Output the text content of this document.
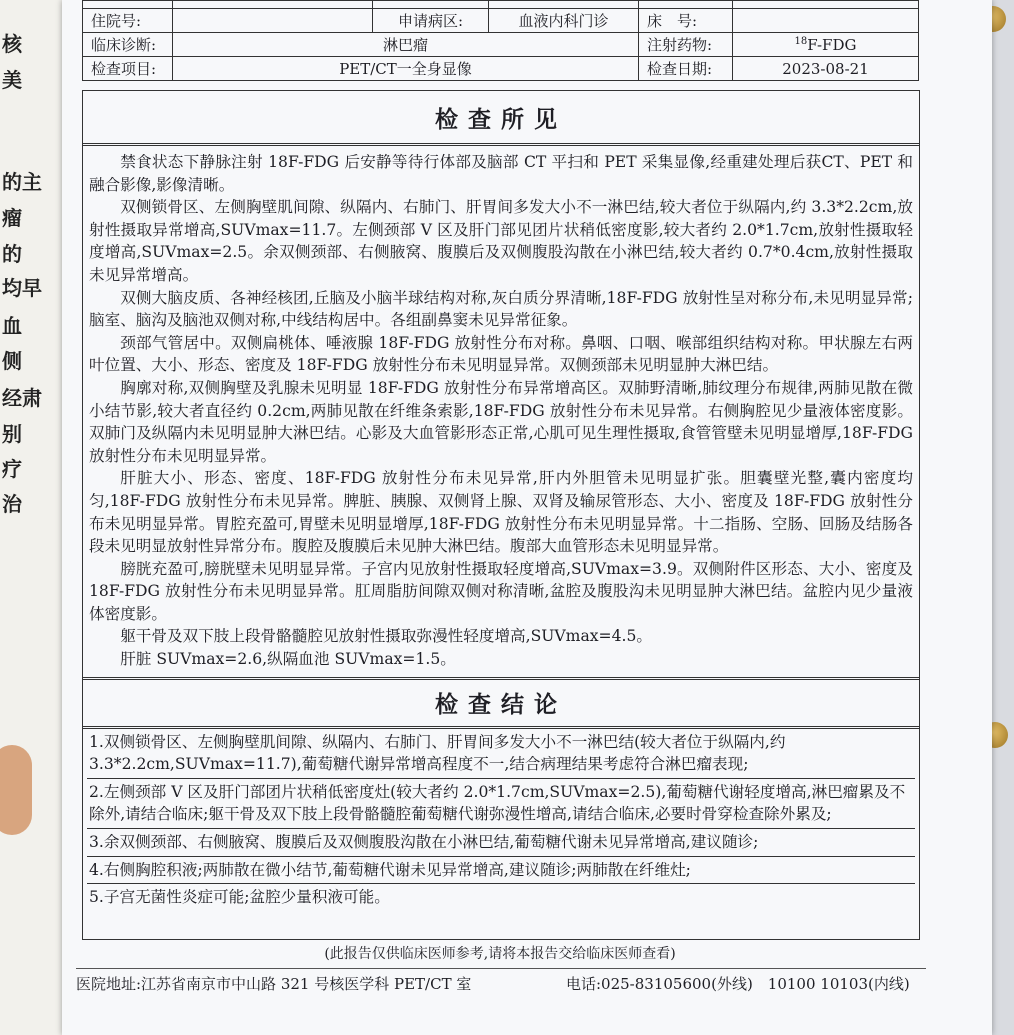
核
美
的主
瘤
的
均早
血
侧
经肃
别
疗
治

住院号:		申请病区:	血液内科门诊	床　号:	
临床诊断:	淋巴瘤			注射药物:	$^{18}$F-FDG
检查项目:	PET/CT一全身显像			检查日期:	2023-08-21
检查所见

禁食状态下静脉注射 18F-FDG 后安静等待行体部及脑部 CT 平扫和 PET 采集显像,经重建处理后获CT、PET 和融合影像,影像清晰。

双侧锁骨区、左侧胸壁肌间隙、纵隔内、右肺门、肝胃间多发大小不一淋巴结,较大者位于纵隔内,约 3.3*2.2cm,放射性摄取异常增高,SUVmax=11.7。左侧颈部 V 区及肝门部见团片状稍低密度影,较大者约 2.0*1.7cm,放射性摄取轻度增高,SUVmax=2.5。余双侧颈部、右侧腋窝、腹膜后及双侧腹股沟散在小淋巴结,较大者约 0.7*0.4cm,放射性摄取未见异常增高。

双侧大脑皮质、各神经核团,丘脑及小脑半球结构对称,灰白质分界清晰,18F-FDG 放射性呈对称分布,未见明显异常;脑室、脑沟及脑池双侧对称,中线结构居中。各组副鼻窦未见异常征象。

颈部气管居中。双侧扁桃体、唾液腺 18F-FDG 放射性分布对称。鼻咽、口咽、喉部组织结构对称。甲状腺左右两叶位置、大小、形态、密度及 18F-FDG 放射性分布未见明显异常。双侧颈部未见明显肿大淋巴结。

胸廓对称,双侧胸壁及乳腺未见明显 18F-FDG 放射性分布异常增高区。双肺野清晰,肺纹理分布规律,两肺见散在微小结节影,较大者直径约 0.2cm,两肺见散在纤维条索影,18F-FDG 放射性分布未见异常。右侧胸腔见少量液体密度影。双肺门及纵隔内未见明显肿大淋巴结。心影及大血管影形态正常,心肌可见生理性摄取,食管管壁未见明显增厚,18F-FDG 放射性分布未见明显异常。

肝脏大小、形态、密度、18F-FDG 放射性分布未见异常,肝内外胆管未见明显扩张。胆囊壁光整,囊内密度均匀,18F-FDG 放射性分布未见异常。脾脏、胰腺、双侧肾上腺、双肾及输尿管形态、大小、密度及 18F-FDG 放射性分布未见明显异常。胃腔充盈可,胃壁未见明显增厚,18F-FDG 放射性分布未见明显异常。十二指肠、空肠、回肠及结肠各段未见明显放射性异常分布。腹腔及腹膜后未见肿大淋巴结。腹部大血管形态未见明显异常。

膀胱充盈可,膀胱壁未见明显异常。子宫内见放射性摄取轻度增高,SUVmax=3.9。双侧附件区形态、大小、密度及 18F-FDG 放射性分布未见明显异常。肛周脂肪间隙双侧对称清晰,盆腔及腹股沟未见明显肿大淋巴结。盆腔内见少量液体密度影。

躯干骨及双下肢上段骨骼髓腔见放射性摄取弥漫性轻度增高,SUVmax=4.5。

肝脏 SUVmax=2.6,纵隔血池 SUVmax=1.5。

检查结论
1.双侧锁骨区、左侧胸壁肌间隙、纵隔内、右肺门、肝胃间多发大小不一淋巴结(较大者位于纵隔内,约3.3*2.2cm,SUVmax=11.7),葡萄糖代谢异常增高程度不一,结合病理结果考虑符合淋巴瘤表现;
2.左侧颈部 V 区及肝门部团片状稍低密度灶(较大者约 2.0*1.7cm,SUVmax=2.5),葡萄糖代谢轻度增高,淋巴瘤累及不除外,请结合临床;躯干骨及双下肢上段骨骼髓腔葡萄糖代谢弥漫性增高,请结合临床,必要时骨穿检查除外累及;
3.余双侧颈部、右侧腋窝、腹膜后及双侧腹股沟散在小淋巴结,葡萄糖代谢未见异常增高,建议随诊;
4.右侧胸腔积液;两肺散在微小结节,葡萄糖代谢未见异常增高,建议随诊;两肺散在纤维灶;
5.子宫无菌性炎症可能;盆腔少量积液可能。
(此报告仅供临床医师参考,请将本报告交给临床医师查看)
医院地址:江苏省南京市中山路 321 号核医学科 PET/CT 室	电话:025-83105600(外线)　10100 10103(内线)
